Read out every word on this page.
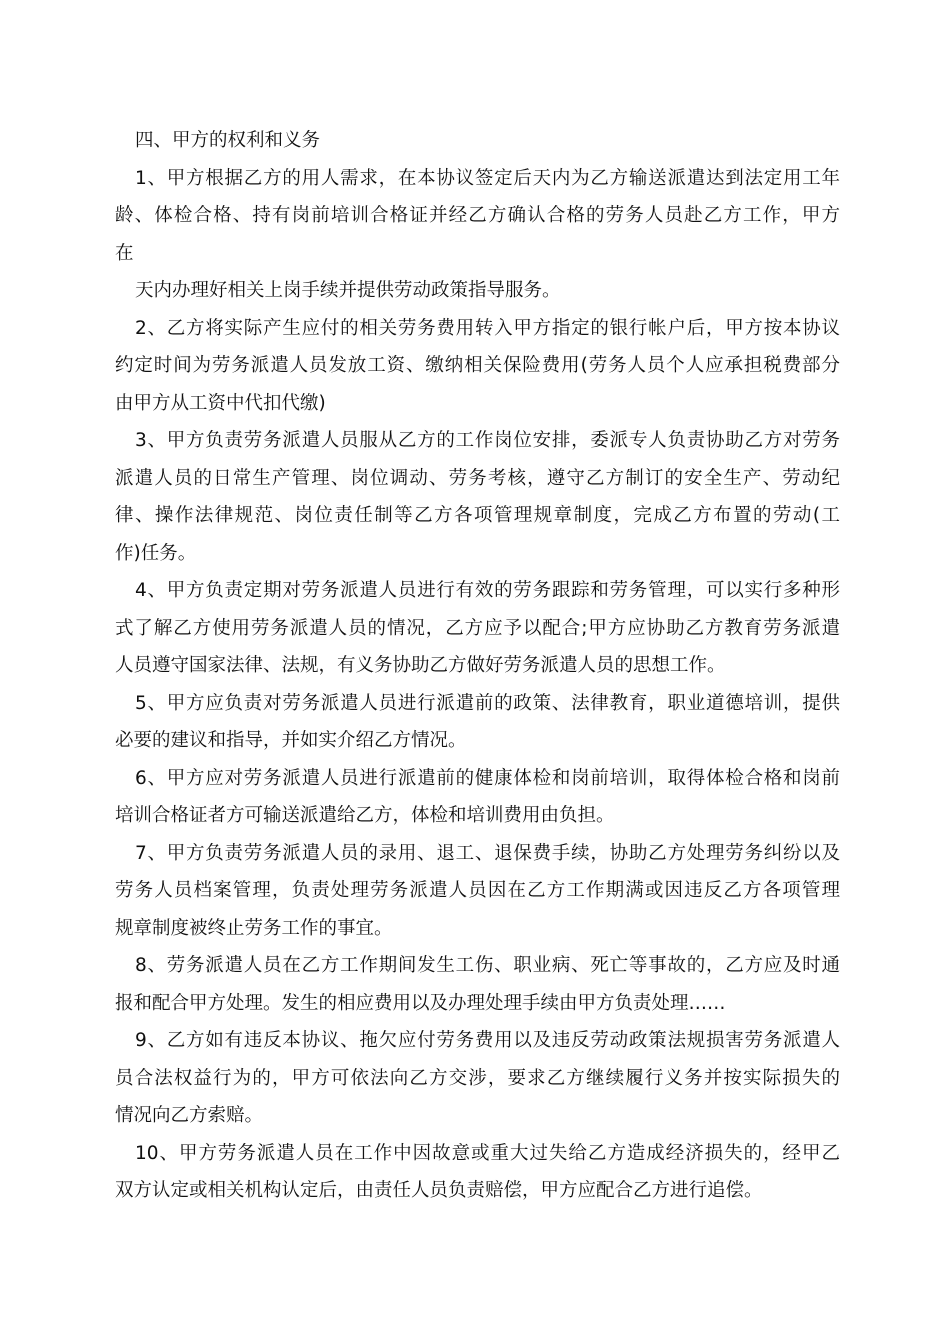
四、甲方的权利和义务
1、甲方根据乙方的用人需求，在本协议签定后天内为乙方输送派遣达到法定用工年
龄、体检合格、持有岗前培训合格证并经乙方确认合格的劳务人员赴乙方工作，甲方
在
天内办理好相关上岗手续并提供劳动政策指导服务。
2、乙方将实际产生应付的相关劳务费用转入甲方指定的银行帐户后，甲方按本协议
约定时间为劳务派遣人员发放工资、缴纳相关保险费用(劳务人员个人应承担税费部分
由甲方从工资中代扣代缴)
3、甲方负责劳务派遣人员服从乙方的工作岗位安排，委派专人负责协助乙方对劳务
派遣人员的日常生产管理、岗位调动、劳务考核，遵守乙方制订的安全生产、劳动纪
律、操作法律规范、岗位责任制等乙方各项管理规章制度，完成乙方布置的劳动(工
作)任务。
4、甲方负责定期对劳务派遣人员进行有效的劳务跟踪和劳务管理，可以实行多种形
式了解乙方使用劳务派遣人员的情况，乙方应予以配合;甲方应协助乙方教育劳务派遣
人员遵守国家法律、法规，有义务协助乙方做好劳务派遣人员的思想工作。
5、甲方应负责对劳务派遣人员进行派遣前的政策、法律教育，职业道德培训，提供
必要的建议和指导，并如实介绍乙方情况。
6、甲方应对劳务派遣人员进行派遣前的健康体检和岗前培训，取得体检合格和岗前
培训合格证者方可输送派遣给乙方，体检和培训费用由负担。
7、甲方负责劳务派遣人员的录用、退工、退保费手续，协助乙方处理劳务纠纷以及
劳务人员档案管理，负责处理劳务派遣人员因在乙方工作期满或因违反乙方各项管理
规章制度被终止劳务工作的事宜。
8、劳务派遣人员在乙方工作期间发生工伤、职业病、死亡等事故的，乙方应及时通
报和配合甲方处理。发生的相应费用以及办理处理手续由甲方负责处理……
9、乙方如有违反本协议、拖欠应付劳务费用以及违反劳动政策法规损害劳务派遣人
员合法权益行为的，甲方可依法向乙方交涉，要求乙方继续履行义务并按实际损失的
情况向乙方索赔。
10、甲方劳务派遣人员在工作中因故意或重大过失给乙方造成经济损失的，经甲乙
双方认定或相关机构认定后，由责任人员负责赔偿，甲方应配合乙方进行追偿。
